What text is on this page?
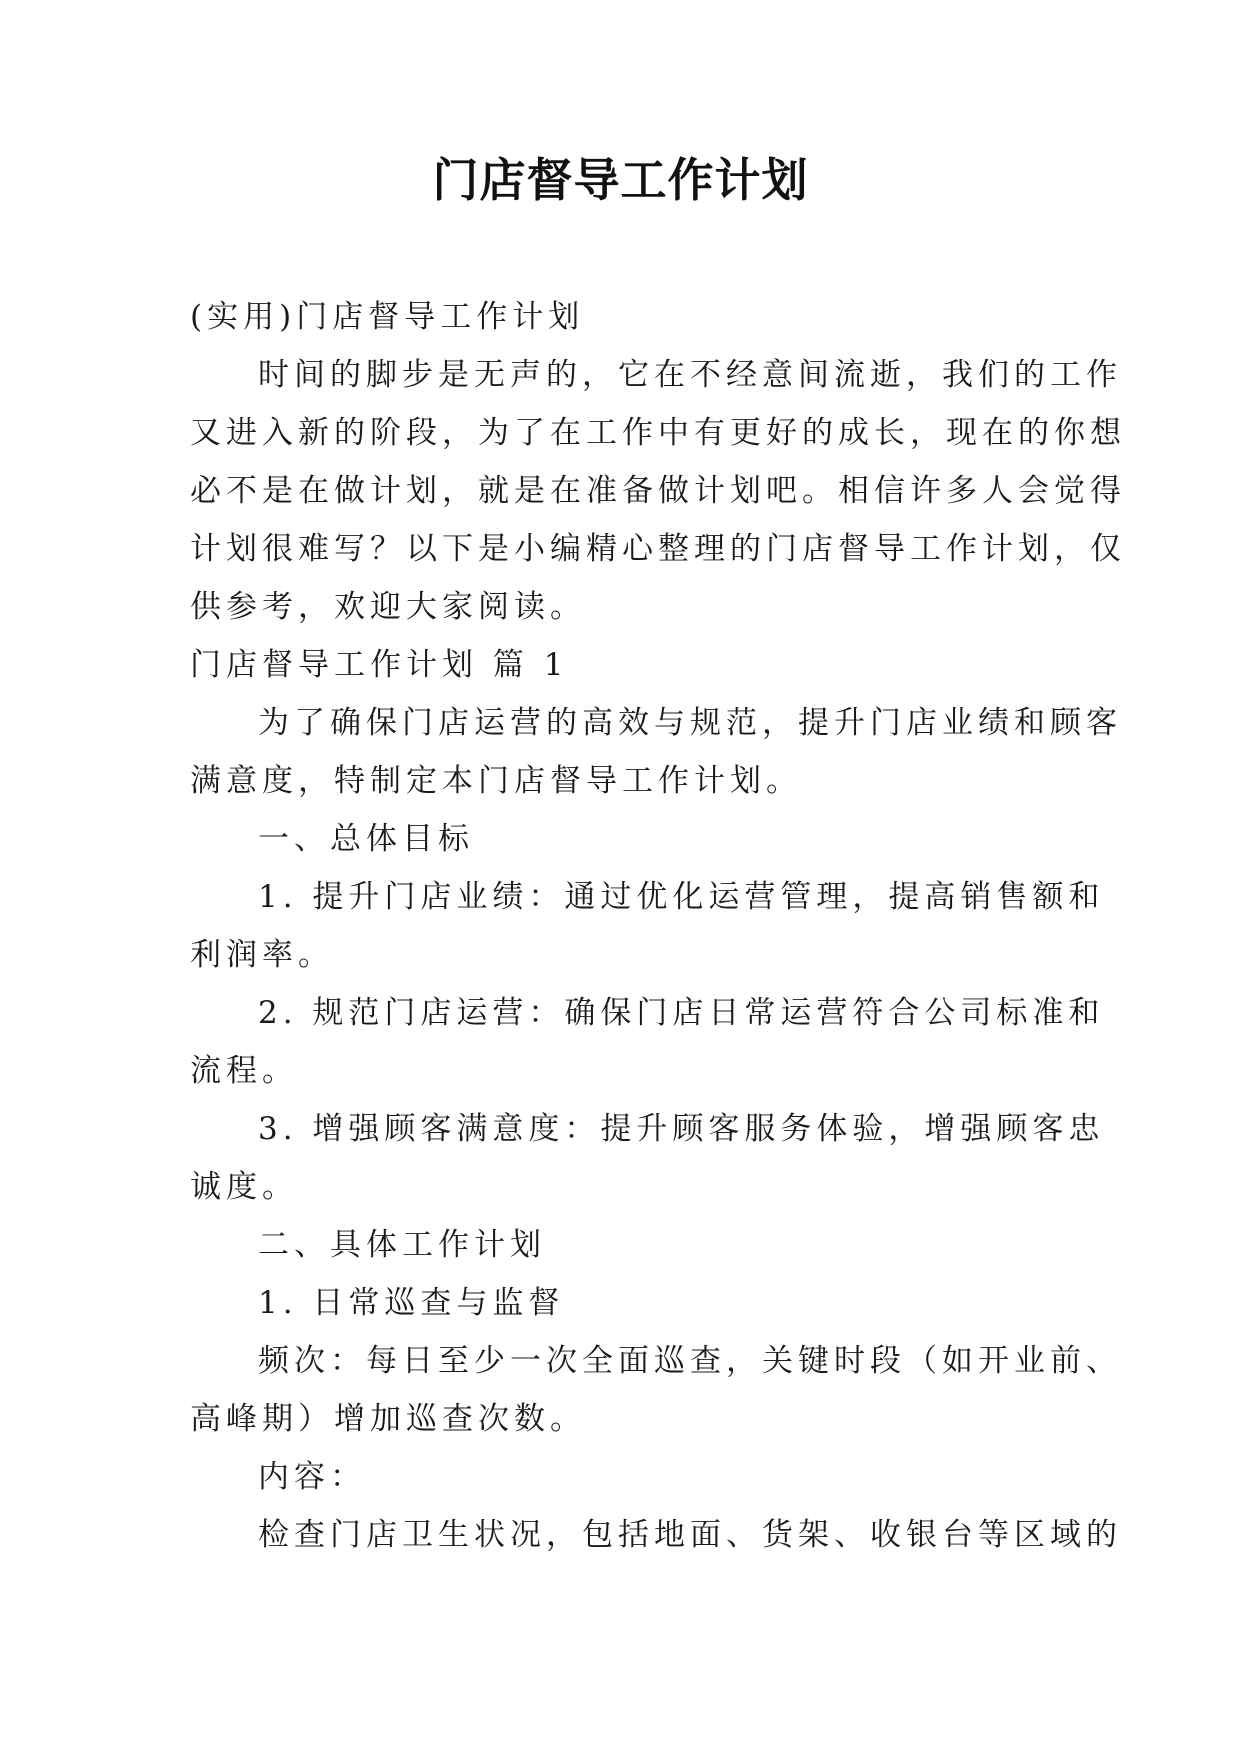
门店督导工作计划
(实用)门店督导工作计划
时间的脚步是无声的，它在不经意间流逝，我们的工作
又进入新的阶段，为了在工作中有更好的成长，现在的你想
必不是在做计划，就是在准备做计划吧。相信许多人会觉得
计划很难写？以下是小编精心整理的门店督导工作计划，仅
供参考，欢迎大家阅读。
门店督导工作计划 篇 1
为了确保门店运营的高效与规范，提升门店业绩和顾客
满意度，特制定本门店督导工作计划。
一、总体目标
1. 提升门店业绩：通过优化运营管理，提高销售额和
利润率。
2. 规范门店运营：确保门店日常运营符合公司标准和
流程。
3. 增强顾客满意度：提升顾客服务体验，增强顾客忠
诚度。
二、具体工作计划
1. 日常巡查与监督
频次：每日至少一次全面巡查，关键时段（如开业前、
高峰期）增加巡查次数。
内容：
检查门店卫生状况，包括地面、货架、收银台等区域的
